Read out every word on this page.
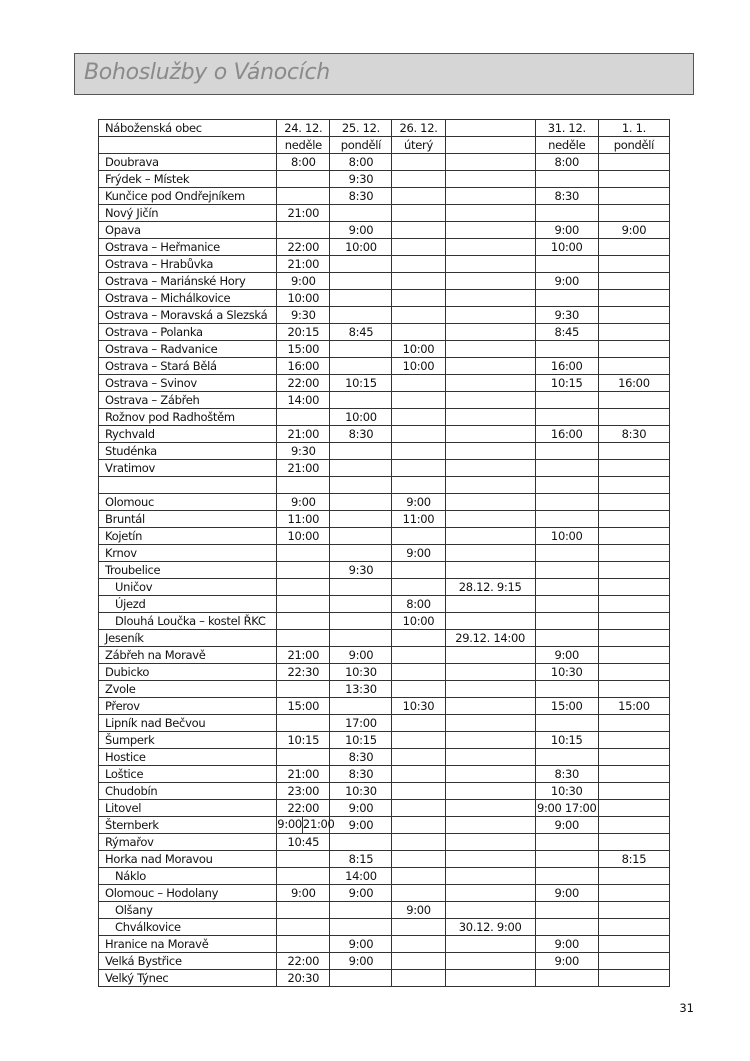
Bohoslužby o Vánocích
Náboženská obec	24. 12.	25. 12.	26. 12.		31. 12.	1. 1.
	neděle	pondělí	úterý		neděle	pondělí
Doubrava	8:00	8:00			8:00	
Frýdek – Místek		9:30				
Kunčice pod Ondřejníkem		8:30			8:30	
Nový Jičín	21:00					
Opava		9:00			9:00	9:00
Ostrava – Heřmanice	22:00	10:00			10:00	
Ostrava – Hrabůvka	21:00					
Ostrava – Mariánské Hory	9:00				9:00	
Ostrava – Michálkovice	10:00					
Ostrava – Moravská a Slezská	9:30				9:30	
Ostrava – Polanka	20:15	8:45			8:45	
Ostrava – Radvanice	15:00		10:00			
Ostrava – Stará Bělá	16:00		10:00		16:00	
Ostrava – Svinov	22:00	10:15			10:15	16:00
Ostrava – Zábřeh	14:00					
Rožnov pod Radhoštěm		10:00				
Rychvald	21:00	8:30			16:00	8:30
Studénka	9:30					
Vratimov	21:00					

Olomouc	9:00		9:00			
Bruntál	11:00		11:00			
Kojetín	10:00				10:00	
Krnov			9:00			
Troubelice		9:30				
Uničov				28.12. 9:15		
Újezd			8:00			
Dlouhá Loučka – kostel ŘKC			10:00			
Jeseník				29.12. 14:00		
Zábřeh na Moravě	21:00	9:00			9:00	
Dubicko	22:30	10:30			10:30	
Zvole		13:30				
Přerov	15:00		10:30		15:00	15:00
Lipník nad Bečvou		17:00				
Šumperk	10:15	10:15			10:15	
Hostice		8:30				
Loštice	21:00	8:30			8:30	
Chudobín	23:00	10:30			10:30	
Litovel	22:00	9:00			9:00 17:00	
Šternberk	9:00 21:00	9:00			9:00	
Rýmařov	10:45					
Horka nad Moravou		8:15				8:15
Náklo		14:00				
Olomouc – Hodolany	9:00	9:00			9:00	
Olšany			9:00			
Chválkovice				30.12. 9:00		
Hranice na Moravě		9:00			9:00	
Velká Bystřice	22:00	9:00			9:00	
Velký Týnec	20:30					
31
